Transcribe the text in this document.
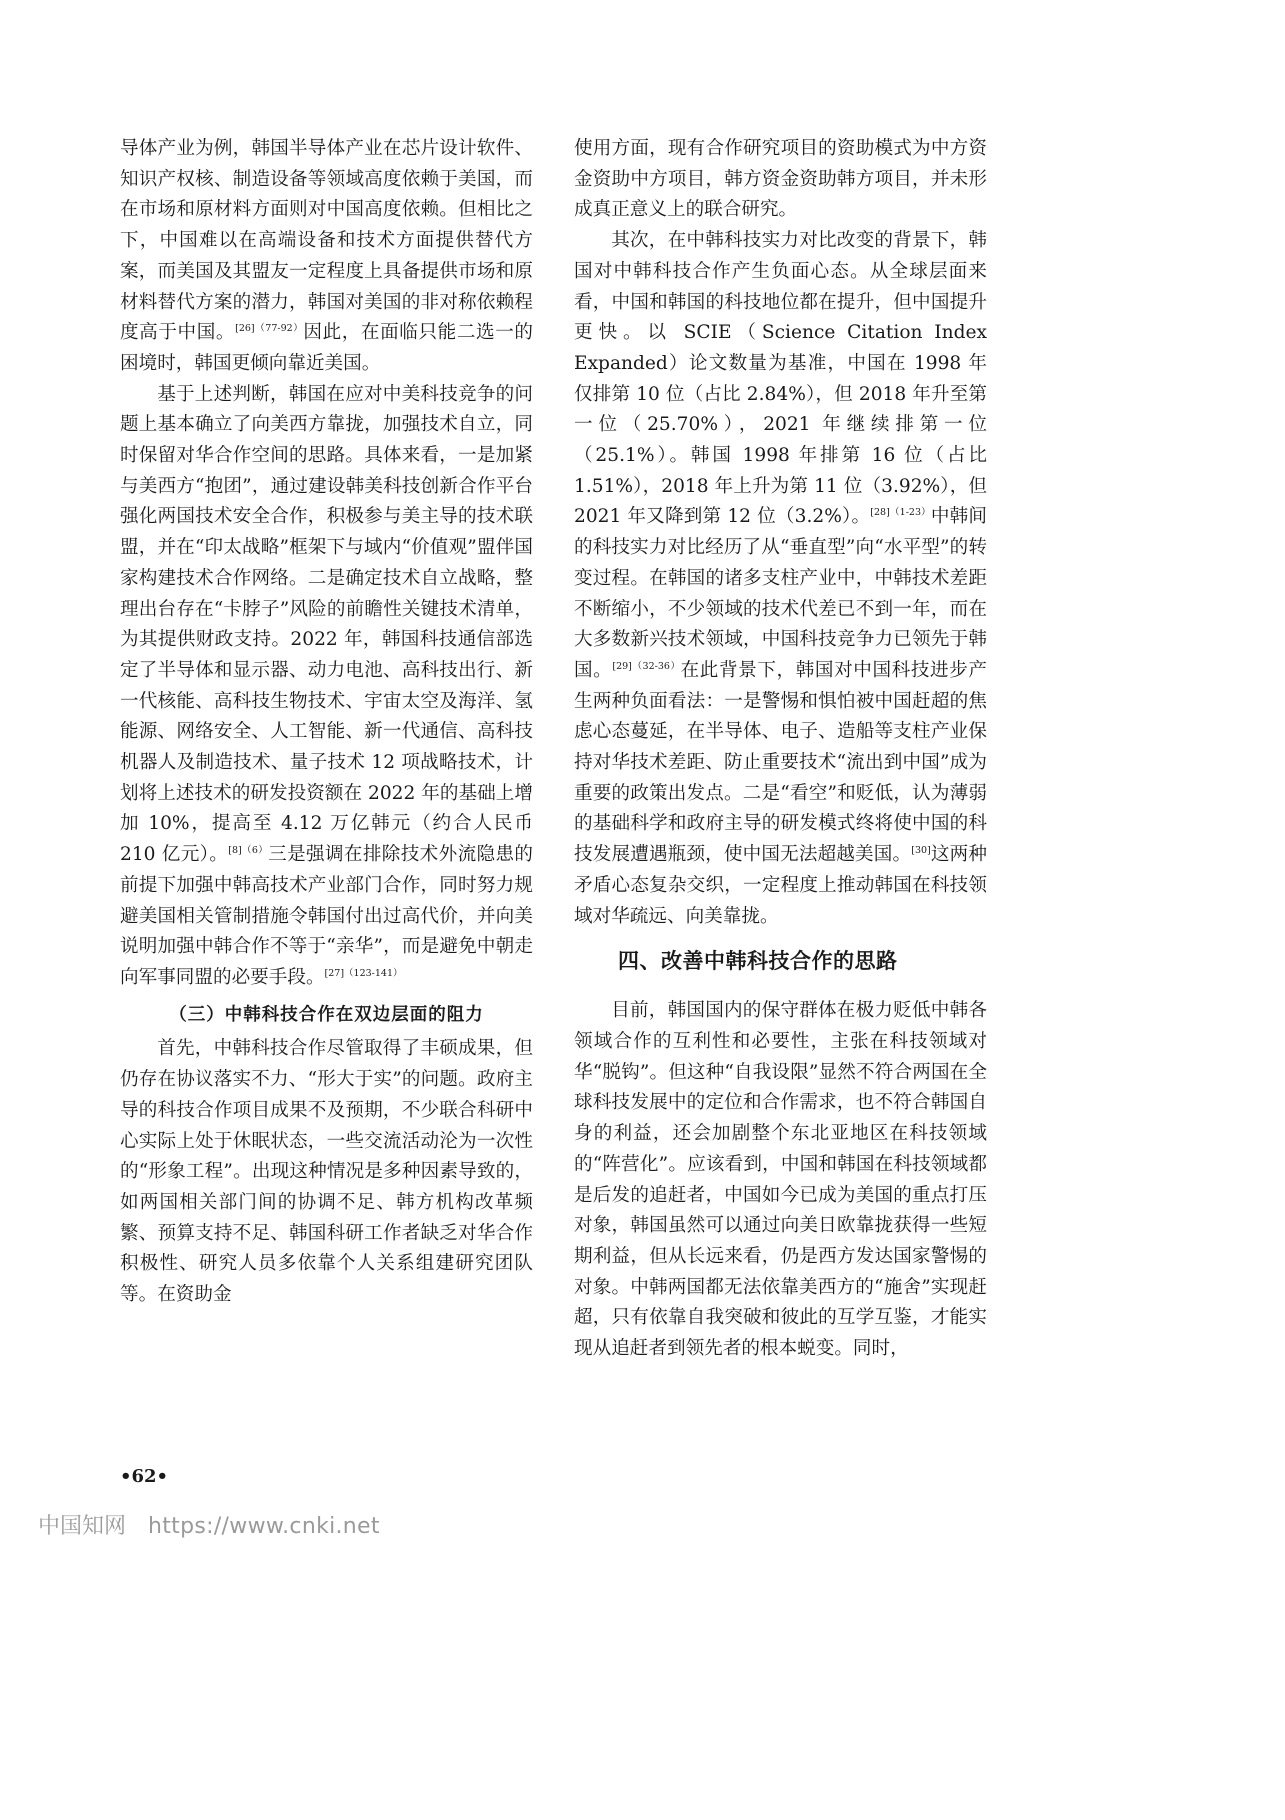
导体产业为例，韩国半导体产业在芯片设计软件、知识产权核、制造设备等领域高度依赖于美国，而在市场和原材料方面则对中国高度依赖。但相比之下，中国难以在高端设备和技术方面提供替代方案，而美国及其盟友一定程度上具备提供市场和原材料替代方案的潜力，韩国对美国的非对称依赖程度高于中国。$^{[26](77-92)}$因此，在面临只能二选一的困境时，韩国更倾向靠近美国。

基于上述判断，韩国在应对中美科技竞争的问题上基本确立了向美西方靠拢，加强技术自立，同时保留对华合作空间的思路。具体来看，一是加紧与美西方“抱团”，通过建设韩美科技创新合作平台强化两国技术安全合作，积极参与美主导的技术联盟，并在“印太战略”框架下与域内“价值观”盟伴国家构建技术合作网络。二是确定技术自立战略，整理出台存在“卡脖子”风险的前瞻性关键技术清单，为其提供财政支持。2022 年，韩国科技通信部选定了半导体和显示器、动力电池、高科技出行、新一代核能、高科技生物技术、宇宙太空及海洋、氢能源、网络安全、人工智能、新一代通信、高科技机器人及制造技术、量子技术 12 项战略技术，计划将上述技术的研发投资额在 2022 年的基础上增加 10%，提高至 4.12 万亿韩元（约合人民币 210 亿元）。$^{[8](6)}$三是强调在排除技术外流隐患的前提下加强中韩高技术产业部门合作，同时努力规避美国相关管制措施令韩国付出过高代价，并向美说明加强中韩合作不等于“亲华”，而是避免中朝走向军事同盟的必要手段。$^{[27](123-141)}$

（三）中韩科技合作在双边层面的阻力

首先，中韩科技合作尽管取得了丰硕成果，但仍存在协议落实不力、“形大于实”的问题。政府主导的科技合作项目成果不及预期，不少联合科研中心实际上处于休眠状态，一些交流活动沦为一次性的“形象工程”。出现这种情况是多种因素导致的，如两国相关部门间的协调不足、韩方机构改革频繁、预算支持不足、韩国科研工作者缺乏对华合作积极性、研究人员多依靠个人关系组建研究团队等。在资助金

使用方面，现有合作研究项目的资助模式为中方资金资助中方项目，韩方资金资助韩方项目，并未形成真正意义上的联合研究。

其次，在中韩科技实力对比改变的背景下，韩国对中韩科技合作产生负面心态。从全球层面来看，中国和韩国的科技地位都在提升，但中国提升更快。以 SCIE（Science Citation Index Expanded）论文数量为基准，中国在 1998 年仅排第 10 位（占比 2.84%），但 2018 年升至第一位（25.70%），2021 年继续排第一位（25.1%）。韩国 1998 年排第 16 位（占比 1.51%），2018 年上升为第 11 位（3.92%），但 2021 年又降到第 12 位（3.2%）。$^{[28](1-23)}$中韩间的科技实力对比经历了从“垂直型”向“水平型”的转变过程。在韩国的诸多支柱产业中，中韩技术差距不断缩小，不少领域的技术代差已不到一年，而在大多数新兴技术领域，中国科技竞争力已领先于韩国。$^{[29](32-36)}$在此背景下，韩国对中国科技进步产生两种负面看法：一是警惕和惧怕被中国赶超的焦虑心态蔓延，在半导体、电子、造船等支柱产业保持对华技术差距、防止重要技术“流出到中国”成为重要的政策出发点。二是“看空”和贬低，认为薄弱的基础科学和政府主导的研发模式终将使中国的科技发展遭遇瓶颈，使中国无法超越美国。[30]这两种矛盾心态复杂交织，一定程度上推动韩国在科技领域对华疏远、向美靠拢。

四、改善中韩科技合作的思路

目前，韩国国内的保守群体在极力贬低中韩各领域合作的互利性和必要性，主张在科技领域对华“脱钩”。但这种“自我设限”显然不符合两国在全球科技发展中的定位和合作需求，也不符合韩国自身的利益，还会加剧整个东北亚地区在科技领域的“阵营化”。应该看到，中国和韩国在科技领域都是后发的追赶者，中国如今已成为美国的重点打压对象，韩国虽然可以通过向美日欧靠拢获得一些短期利益，但从长远来看，仍是西方发达国家警惕的对象。中韩两国都无法依靠美西方的“施舍”实现赶超，只有依靠自我突破和彼此的互学互鉴，才能实现从追赶者到领先者的根本蜕变。同时，

•62•
中国知网 https://www.cnki.net
